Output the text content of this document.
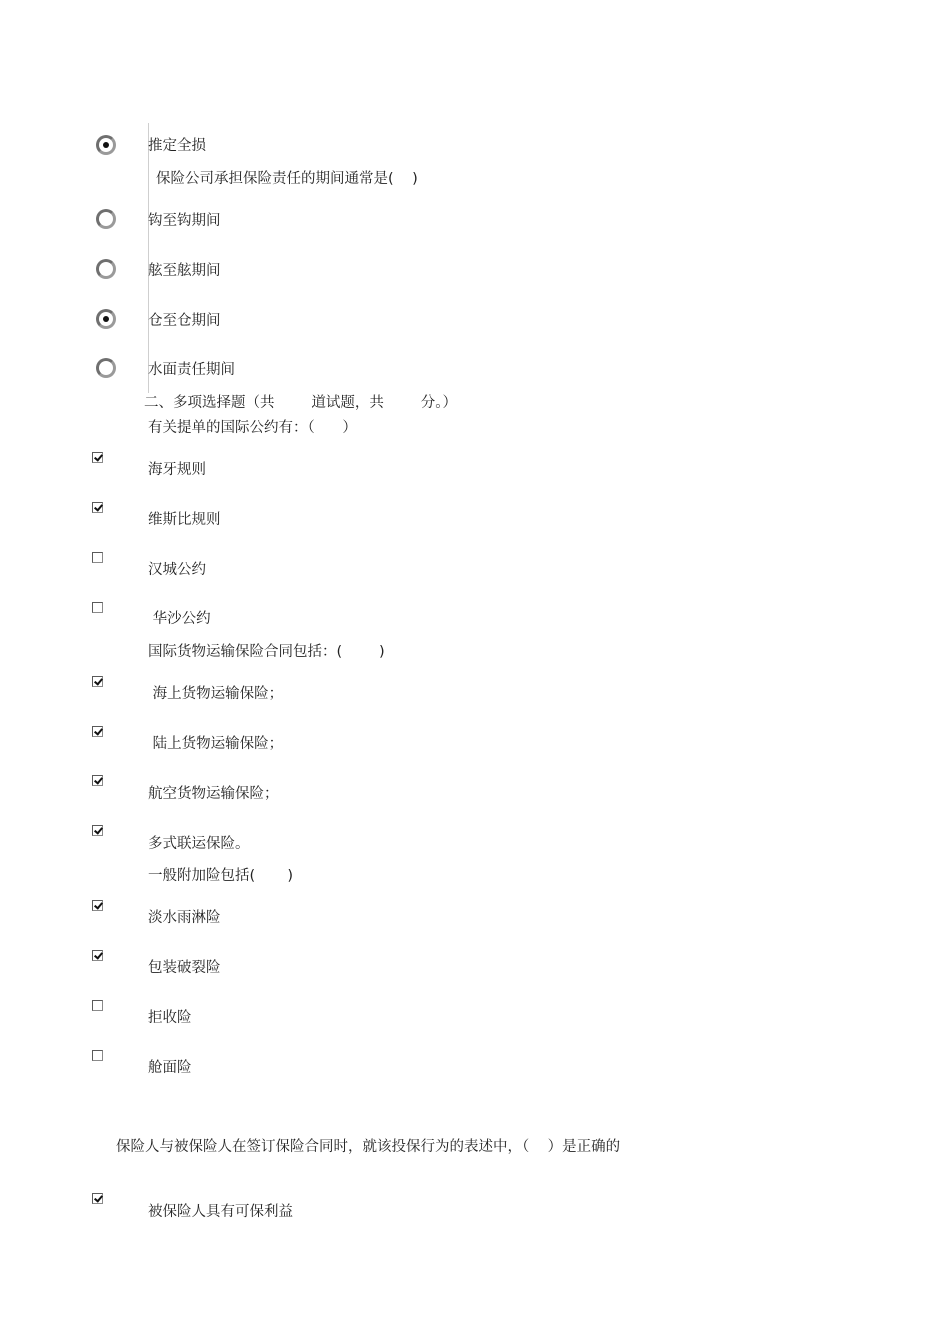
推定全损
保险公司承担保险责任的期间通常是(    )
钩至钩期间
舷至舷期间
仓至仓期间
水面责任期间
二、多项选择题（共        道试题，共        分。）
有关提单的国际公约有：（      ）
海牙规则
维斯比规则
汉城公约
华沙公约
国际货物运输保险合同包括：(        )
海上货物运输保险；
陆上货物运输保险；
航空货物运输保险；
多式联运保险。
一般附加险包括(       )
淡水雨淋险
包装破裂险
拒收险
舱面险
保险人与被保险人在签订保险合同时，就该投保行为的表述中，（    ）是正确的
被保险人具有可保利益
